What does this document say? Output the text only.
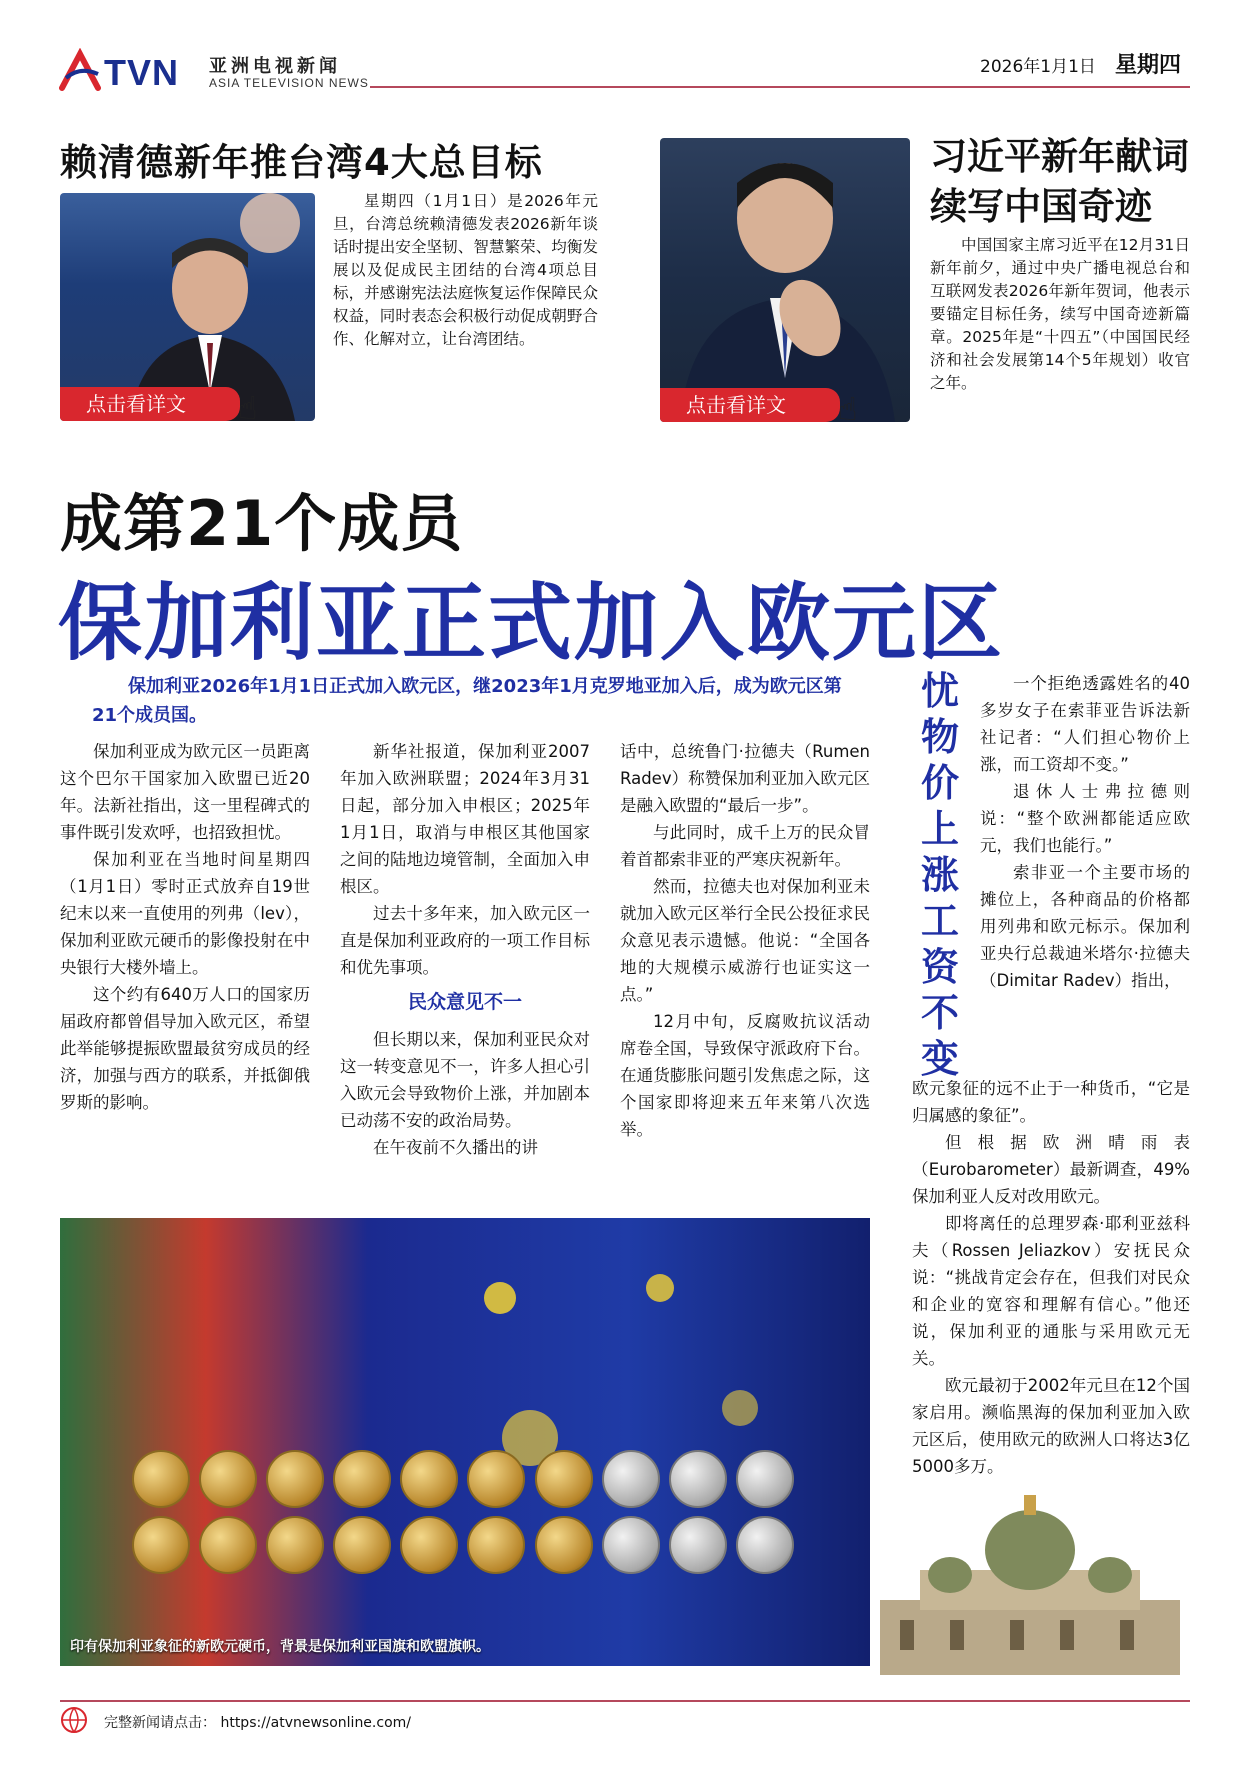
TVN 亚洲电视新闻
ASIA TELEVISION NEWS
2026年1月1日 星期四
赖清德新年推台湾4大总目标
点击看详文 ☝
星期四（1月1日）是2026年元旦，台湾总统赖清德发表2026新年谈话时提出安全坚韧、智慧繁荣、均衡发展以及促成民主团结的台湾4项总目标，并感谢宪法法庭恢复运作保障民众权益，同时表态会积极行动促成朝野合作、化解对立，让台湾团结。
点击看详文 ☝
习近平新年献词
续写中国奇迹
中国国家主席习近平在12月31日新年前夕，通过中央广播电视总台和互联网发表2026年新年贺词，他表示要锚定目标任务，续写中国奇迹新篇章。2025年是“十四五”（中国国民经济和社会发展第14个5年规划）收官之年。
成第21个成员
保加利亚正式加入欧元区
保加利亚2026年1月1日正式加入欧元区，继2023年1月克罗地亚加入后，成为欧元区第21个成员国。

保加利亚成为欧元区一员距离这个巴尔干国家加入欧盟已近20年。法新社指出，这一里程碑式的事件既引发欢呼，也招致担忧。

保加利亚在当地时间星期四（1月1日）零时正式放弃自19世纪末以来一直使用的列弗（lev），保加利亚欧元硬币的影像投射在中央银行大楼外墙上。

这个约有640万人口的国家历届政府都曾倡导加入欧元区，希望此举能够提振欧盟最贫穷成员的经济，加强与西方的联系，并抵御俄罗斯的影响。

新华社报道，保加利亚2007年加入欧洲联盟；2024年3月31日起，部分加入申根区；2025年1月1日，取消与申根区其他国家之间的陆地边境管制，全面加入申根区。

过去十多年来，加入欧元区一直是保加利亚政府的一项工作目标和优先事项。

民众意见不一

但长期以来，保加利亚民众对这一转变意见不一，许多人担心引入欧元会导致物价上涨，并加剧本已动荡不安的政治局势。

在午夜前不久播出的讲

话中，总统鲁门·拉德夫（Rumen Radev）称赞保加利亚加入欧元区是融入欧盟的“最后一步”。

与此同时，成千上万的民众冒着首都索非亚的严寒庆祝新年。

然而，拉德夫也对保加利亚未就加入欧元区举行全民公投征求民众意见表示遗憾。他说：“全国各地的大规模示威游行也证实这一点。”

12月中旬，反腐败抗议活动席卷全国，导致保守派政府下台。在通货膨胀问题引发焦虑之际，这个国家即将迎来五年来第八次选举。

忧物价上涨工资不变

一个拒绝透露姓名的40多岁女子在索菲亚告诉法新社记者：“人们担心物价上涨，而工资却不变。”

退休人士弗拉德则说：“整个欧洲都能适应欧元，我们也能行。”

索非亚一个主要市场的摊位上，各种商品的价格都用列弗和欧元标示。保加利亚央行总裁迪米塔尔·拉德夫（Dimitar Radev）指出，

欧元象征的远不止于一种货币，“它是归属感的象征”。

但根据欧洲晴雨表（Eurobarometer）最新调查，49%保加利亚人反对改用欧元。

即将离任的总理罗森·耶利亚兹科夫（Rossen Jeliazkov）安抚民众说：“挑战肯定会存在，但我们对民众和企业的宽容和理解有信心。”他还说，保加利亚的通胀与采用欧元无关。

欧元最初于2002年元旦在12个国家启用。濒临黑海的保加利亚加入欧元区后，使用欧元的欧洲人口将达3亿5000多万。

印有保加利亚象征的新欧元硬币，背景是保加利亚国旗和欧盟旗帜。
完整新闻请点击： https://atvnewsonline.com/
